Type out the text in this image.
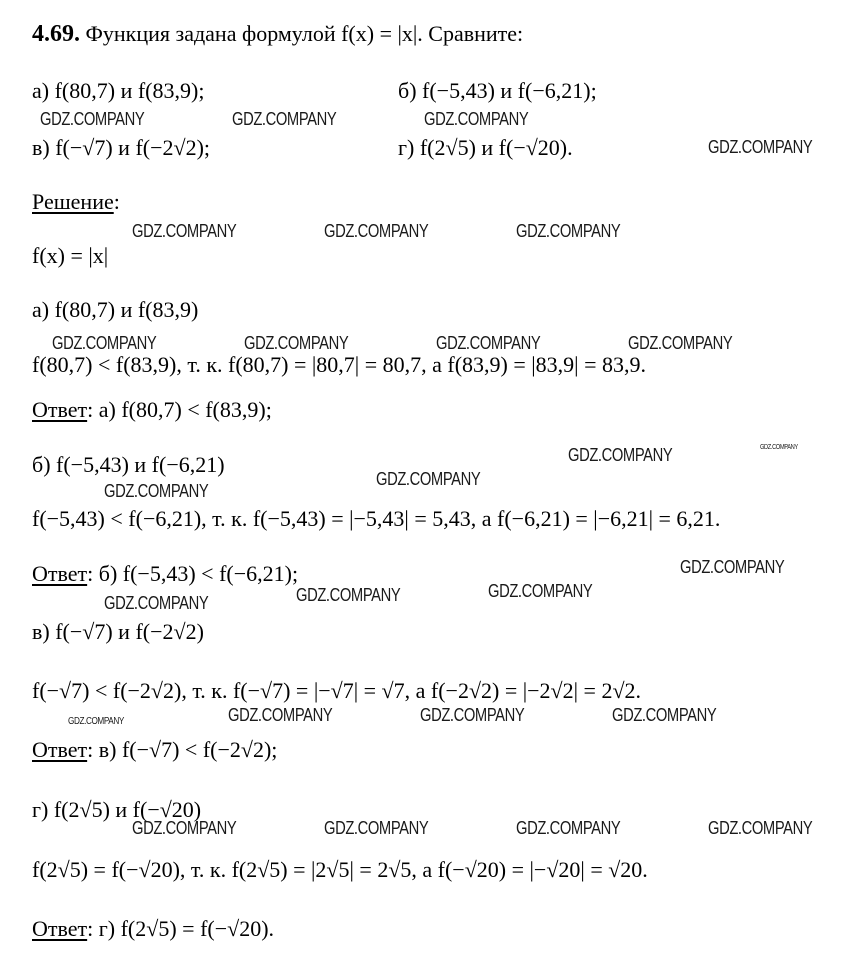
4.69. Функция задана формулой f(x) = |x|. Сравните:
а) f(80,7) и f(83,9);	б) f(−5,43) и f(−6,21);
в) f(−√7) и f(−2√2);	г) f(2√5) и f(−√20).
Решение:
f(x) = |x|
а) f(80,7) и f(83,9)
f(80,7) < f(83,9), т. к. f(80,7) = |80,7| = 80,7, а f(83,9) = |83,9| = 83,9.
Ответ: а) f(80,7) < f(83,9);
б) f(−5,43) и f(−6,21)
f(−5,43) < f(−6,21), т. к. f(−5,43) = |−5,43| = 5,43, а f(−6,21) = |−6,21| = 6,21.
Ответ: б) f(−5,43) < f(−6,21);
в) f(−√7) и f(−2√2)
f(−√7) < f(−2√2), т. к. f(−√7) = |−√7| = √7, а f(−2√2) = |−2√2| = 2√2.
Ответ: в) f(−√7) < f(−2√2);
г) f(2√5) и f(−√20)
f(2√5) = f(−√20), т. к. f(2√5) = |2√5| = 2√5, а f(−√20) = |−√20| = √20.
Ответ: г) f(2√5) = f(−√20).
GDZ.COMPANY	GDZ.COMPANY	GDZ.COMPANY
GDZ.COMPANY
GDZ.COMPANY	GDZ.COMPANY	GDZ.COMPANY
GDZ.COMPANY	GDZ.COMPANY	GDZ.COMPANY	GDZ.COMPANY
GDZ.COMPANY
GDZ.COMPANY
GDZ.COMPANY
GDZ.COMPANY
GDZ.COMPANY
GDZ.COMPANY
GDZ.COMPANY
GDZ.COMPANY
GDZ.COMPANY	GDZ.COMPANY	GDZ.COMPANY	GDZ.COMPANY
GDZ.COMPANY	GDZ.COMPANY	GDZ.COMPANY	GDZ.COMPANY
